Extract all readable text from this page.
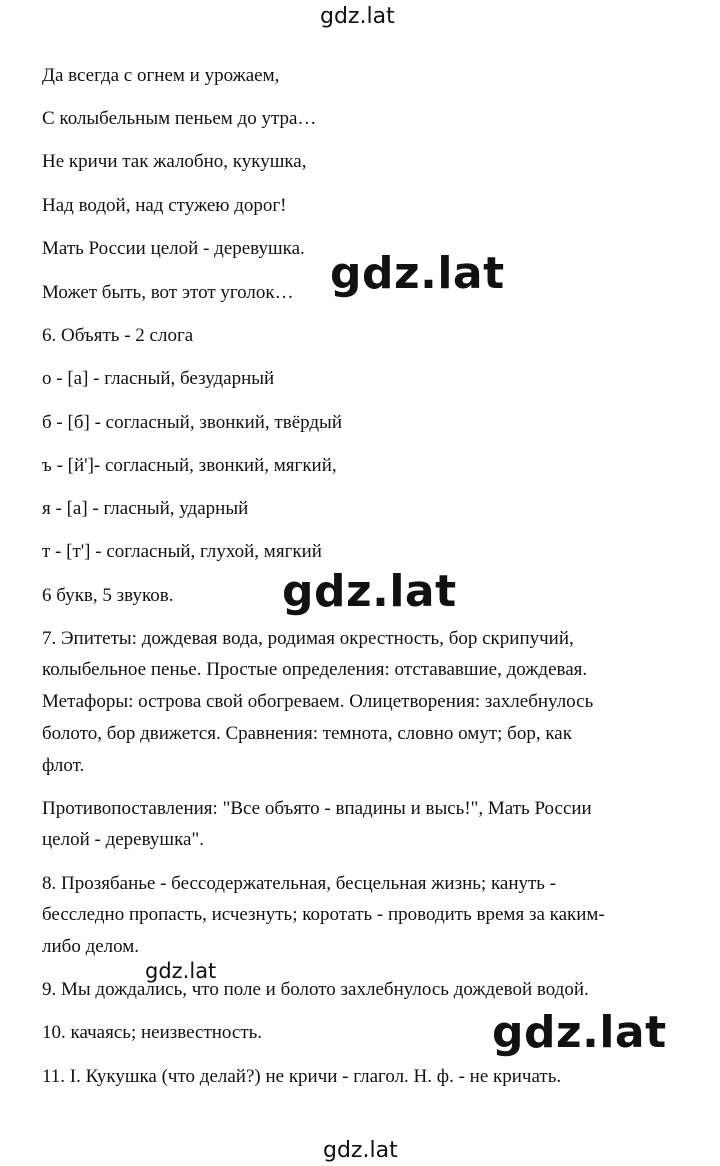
gdz.lat
Да всегда с огнем и урожаем,
С колыбельным пеньем до утра…
Не кричи так жалобно, кукушка,
Над водой, над стужею дорог!
Мать России целой - деревушка.
Может быть, вот этот уголок…
6. Объять - 2 слога
о - [а] - гласный, безударный
б - [б] - согласный, звонкий, твёрдый
ъ - [й']- согласный, звонкий, мягкий,
я - [а] - гласный, ударный
т - [т'] - согласный, глухой, мягкий
6 букв, 5 звуков.
7. Эпитеты: дождевая вода, родимая окрестность, бор скрипучий,
колыбельное пенье. Простые определения: отстававшие, дождевая.
Метафоры: острова свой обогреваем. Олицетворения: захлебнулось
болото, бор движется. Сравнения: темнота, словно омут; бор, как
флот.
Противопоставления: "Все объято - впадины и высь!", Мать России
целой - деревушка".
8. Прозябанье - бессодержательная, бесцельная жизнь; кануть -
бесследно пропасть, исчезнуть; коротать - проводить время за каким-
либо делом.
9. Мы дождались, что поле и болото захлебнулось дождевой водой.
10. качаясь; неизвестность.
11. I. Кукушка (что делай?) не кричи - глагол. Н. ф. - не кричать.
gdz.lat
gdz.lat
gdz.lat
gdz.lat
gdz.lat
